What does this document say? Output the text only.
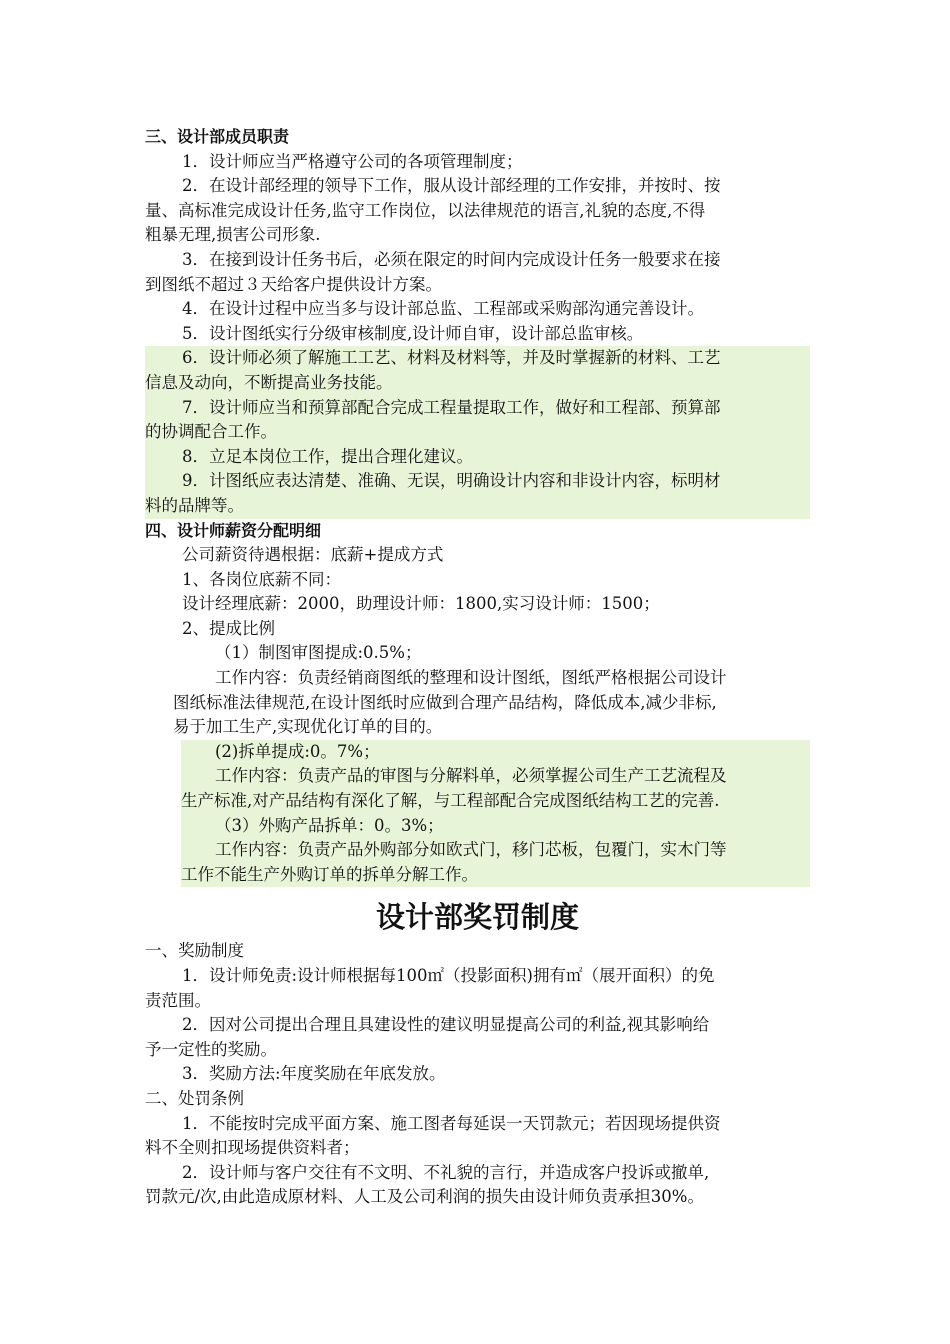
三、设计部成员职责
1．设计师应当严格遵守公司的各项管理制度；
2．在设计部经理的领导下工作，服从设计部经理的工作安排，并按时、按
量、高标准完成设计任务,监守工作岗位，以法律规范的语言,礼貌的态度,不得
粗暴无理,损害公司形象.
3．在接到设计任务书后，必须在限定的时间内完成设计任务一般要求在接
到图纸不超过３天给客户提供设计方案。
4．在设计过程中应当多与设计部总监、工程部或采购部沟通完善设计。
5．设计图纸实行分级审核制度,设计师自审，设计部总监审核。
6．设计师必须了解施工工艺、材料及材料等，并及时掌握新的材料、工艺
信息及动向，不断提高业务技能。
7．设计师应当和预算部配合完成工程量提取工作，做好和工程部、预算部
的协调配合工作。
8．立足本岗位工作，提出合理化建议。
9．计图纸应表达清楚、准确、无误，明确设计内容和非设计内容，标明材
料的品牌等。
四、设计师薪资分配明细
公司薪资待遇根据：底薪+提成方式
1、各岗位底薪不同：
设计经理底薪：2000，助理设计师：1800,实习设计师：1500；
2、提成比例
（1）制图审图提成:0.5%；
工作内容：负责经销商图纸的整理和设计图纸，图纸严格根据公司设计
图纸标准法律规范,在设计图纸时应做到合理产品结构，降低成本,减少非标,
易于加工生产,实现优化订单的目的。
(2)拆单提成:0。7%；
工作内容：负责产品的审图与分解料单，必须掌握公司生产工艺流程及
生产标准,对产品结构有深化了解，与工程部配合完成图纸结构工艺的完善.
（3）外购产品拆单：0。3%；
工作内容：负责产品外购部分如欧式门，移门芯板，包覆门，实木门等
工作不能生产外购订单的拆单分解工作。
设计部奖罚制度
一、奖励制度
1．设计师免责:设计师根据每100㎡（投影面积)拥有㎡（展开面积）的免
责范围。
2．因对公司提出合理且具建设性的建议明显提高公司的利益,视其影响给
予一定性的奖励。
3．奖励方法:年度奖励在年底发放。
二、处罚条例
1．不能按时完成平面方案、施工图者每延误一天罚款元；若因现场提供资
料不全则扣现场提供资料者；
2．设计师与客户交往有不文明、不礼貌的言行，并造成客户投诉或撤单,
罚款元/次,由此造成原材料、人工及公司利润的损失由设计师负责承担30%。
